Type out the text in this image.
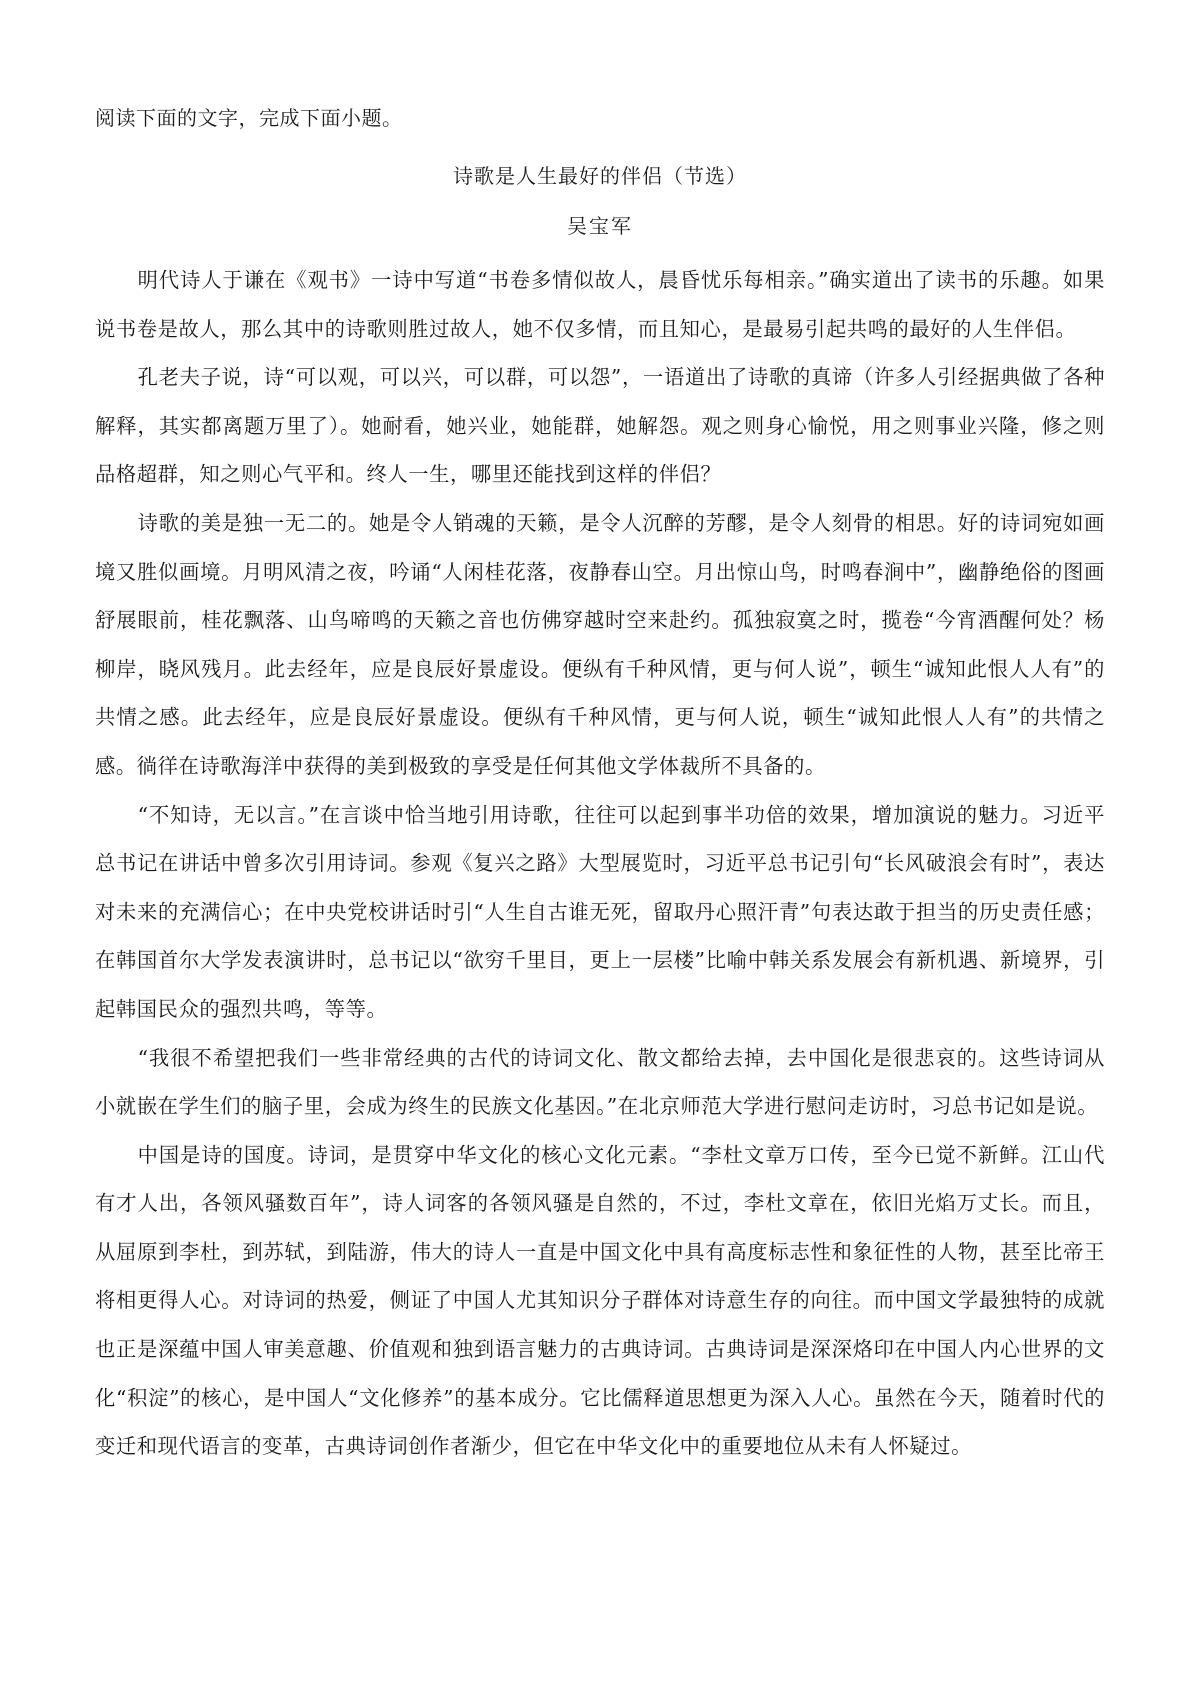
阅读下面的文字，完成下面小题。

诗歌是人生最好的伴侣（节选）
吴宝军

明代诗人于谦在《观书》一诗中写道“书卷多情似故人，晨昏忧乐每相亲。”确实道出了读书的乐趣。如果说书卷是故人，那么其中的诗歌则胜过故人，她不仅多情，而且知心，是最易引起共鸣的最好的人生伴侣。

孔老夫子说，诗“可以观，可以兴，可以群，可以怨”，一语道出了诗歌的真谛（许多人引经据典做了各种解释，其实都离题万里了）。她耐看，她兴业，她能群，她解怨。观之则身心愉悦，用之则事业兴隆，修之则品格超群，知之则心气平和。终人一生，哪里还能找到这样的伴侣？

诗歌的美是独一无二的。她是令人销魂的天籁，是令人沉醉的芳醪，是令人刻骨的相思。好的诗词宛如画境又胜似画境。月明风清之夜，吟诵“人闲桂花落，夜静春山空。月出惊山鸟，时鸣春涧中”，幽静绝俗的图画舒展眼前，桂花飘落、山鸟啼鸣的天籁之音也仿佛穿越时空来赴约。孤独寂寞之时，揽卷“今宵酒醒何处？杨柳岸，晓风残月。此去经年，应是良辰好景虚设。便纵有千种风情，更与何人说”，顿生“诚知此恨人人有”的共情之感。此去经年，应是良辰好景虚设。便纵有千种风情，更与何人说，顿生“诚知此恨人人有”的共情之感。徜徉在诗歌海洋中获得的美到极致的享受是任何其他文学体裁所不具备的。

“不知诗，无以言。”在言谈中恰当地引用诗歌，往往可以起到事半功倍的效果，增加演说的魅力。习近平总书记在讲话中曾多次引用诗词。参观《复兴之路》大型展览时，习近平总书记引句“长风破浪会有时”，表达对未来的充满信心；在中央党校讲话时引“人生自古谁无死，留取丹心照汗青”句表达敢于担当的历史责任感；在韩国首尔大学发表演讲时，总书记以“欲穷千里目，更上一层楼”比喻中韩关系发展会有新机遇、新境界，引起韩国民众的强烈共鸣，等等。

“我很不希望把我们一些非常经典的古代的诗词文化、散文都给去掉，去中国化是很悲哀的。这些诗词从小就嵌在学生们的脑子里，会成为终生的民族文化基因。”在北京师范大学进行慰问走访时，习总书记如是说。

中国是诗的国度。诗词，是贯穿中华文化的核心文化元素。“李杜文章万口传，至今已觉不新鲜。江山代有才人出，各领风骚数百年”，诗人词客的各领风骚是自然的，不过，李杜文章在，依旧光焰万丈长。而且，从屈原到李杜，到苏轼，到陆游，伟大的诗人一直是中国文化中具有高度标志性和象征性的人物，甚至比帝王将相更得人心。对诗词的热爱，侧证了中国人尤其知识分子群体对诗意生存的向往。而中国文学最独特的成就也正是深蕴中国人审美意趣、价值观和独到语言魅力的古典诗词。古典诗词是深深烙印在中国人内心世界的文化“积淀”的核心，是中国人“文化修养”的基本成分。它比儒释道思想更为深入人心。虽然在今天，随着时代的变迁和现代语言的变革，古典诗词创作者渐少，但它在中华文化中的重要地位从未有人怀疑过。
